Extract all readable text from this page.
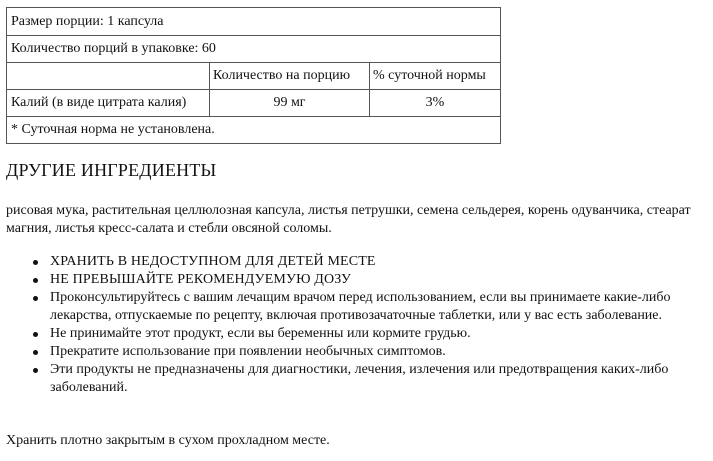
Размер порции: 1 капсула		
Количество порций в упаковке: 60		
	Количество на порцию	% суточной нормы
Калий (в виде цитрата калия)	99 мг	3%
* Суточная норма не установлена.		
ДРУГИЕ ИНГРЕДИЕНТЫ

рисовая мука, растительная целлюлозная капсула, листья петрушки, семена сельдерея, корень одуванчика, стеарат магния, листья кресс-салата и стебли овсяной соломы.

ХРАНИТЬ В НЕДОСТУПНОМ ДЛЯ ДЕТЕЙ МЕСТЕ
НЕ ПРЕВЫШАЙТЕ РЕКОМЕНДУЕМУЮ ДОЗУ
Проконсультируйтесь с вашим лечащим врачом перед использованием, если вы принимаете какие-либо лекарства, отпускаемые по рецепту, включая противозачаточные таблетки, или у вас есть заболевание.
Не принимайте этот продукт, если вы беременны или кормите грудью.
Прекратите использование при появлении необычных симптомов.
Эти продукты не предназначены для диагностики, лечения, излечения или предотвращения каких-либо заболеваний.

Хранить плотно закрытым в сухом прохладном месте.
